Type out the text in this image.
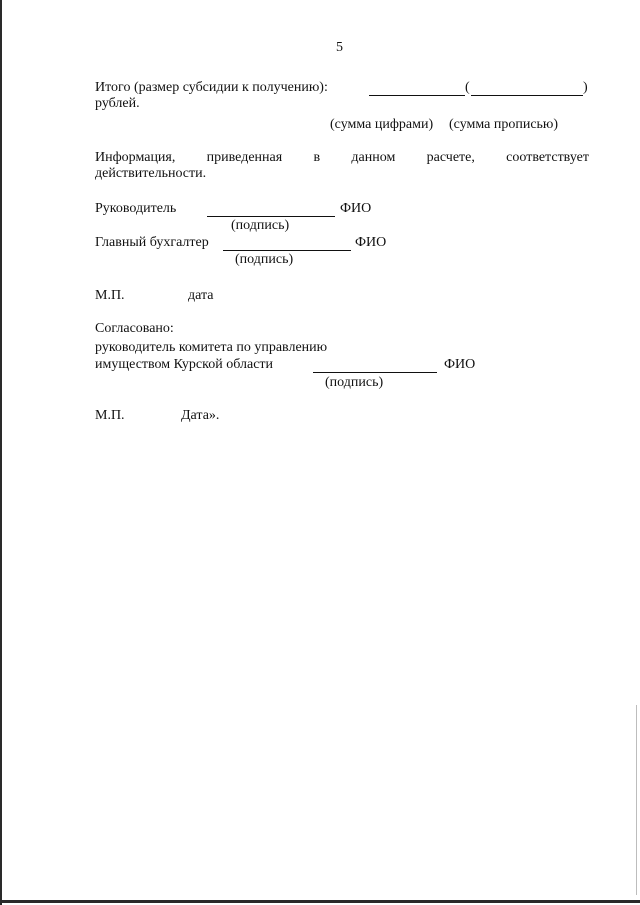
5
Итого (размер субсидии к получению):	(	)
рублей.
(сумма цифрами) (сумма прописью)
Информация, приведенная в данном расчете, соответствует
действительности.
Руководитель	ФИО
(подпись)
Главный бухгалтер	ФИО
(подпись)
М.П.	дата
Согласовано:
руководитель комитета по управлению
имуществом Курской области	ФИО
(подпись)
М.П.	Дата».
